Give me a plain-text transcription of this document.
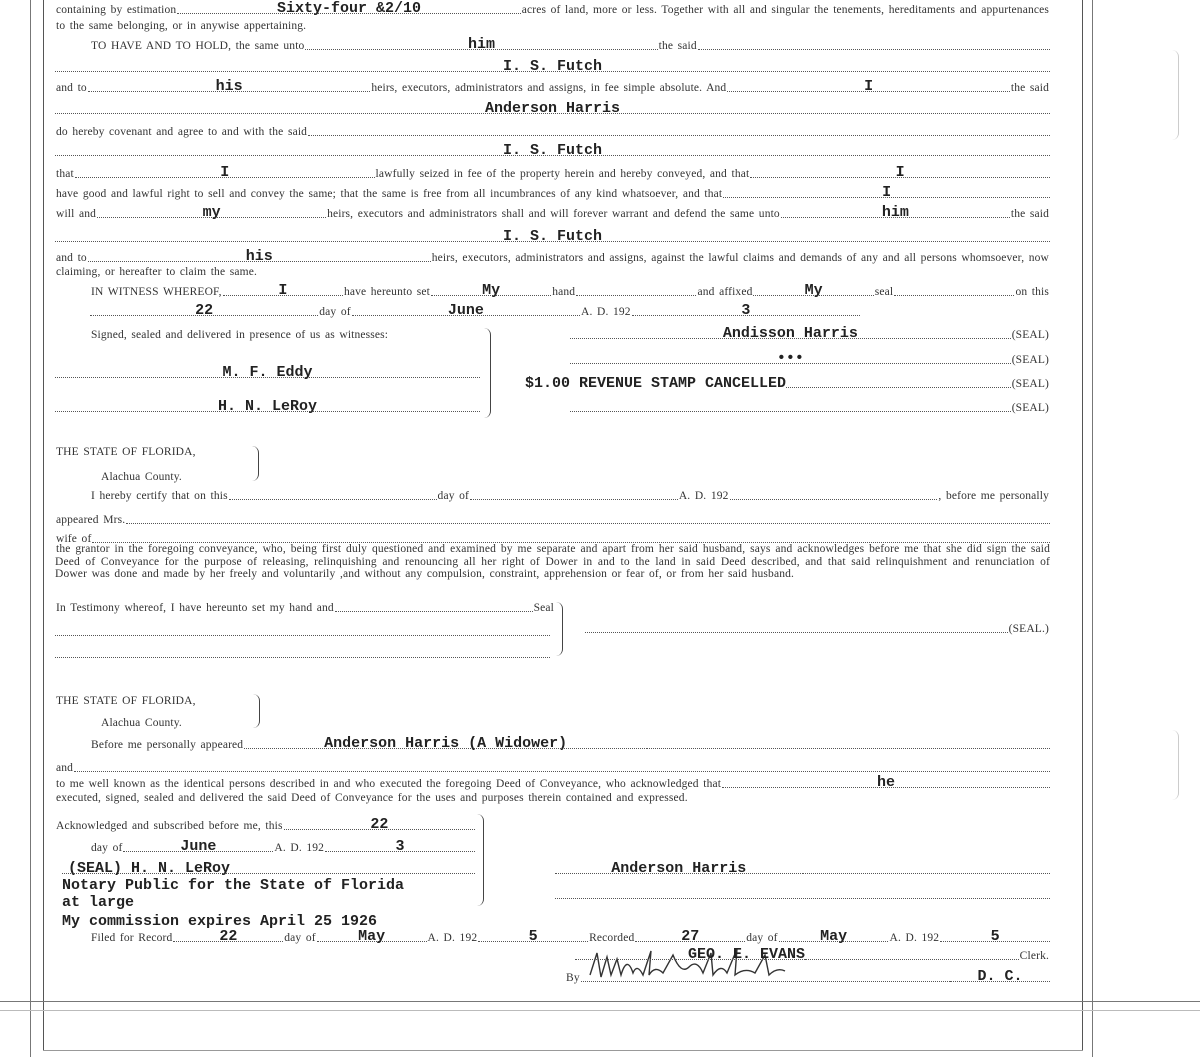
containing by estimation	Sixty-four &2/10	acres of land, more or less. Together with all and singular the tenements, hereditaments and appurtenances
to the same belonging, or in anywise appertaining.
TO HAVE AND TO HOLD, the same unto	him	the said
I. S. Futch
and to	his	heirs, executors, administrators and assigns, in fee simple absolute. And	I	the said
Anderson Harris
do hereby covenant and agree to and with the said
I. S. Futch
that	I	lawfully seized in fee of the property herein and hereby conveyed, and that	I
have good and lawful right to sell and convey the same; that the same is free from all incumbrances of any kind whatsoever, and that	I
will and	my	heirs, executors and administrators shall and will forever warrant and defend the same unto	him	the said
I. S. Futch
and to	his	heirs, executors, administrators and assigns, against the lawful claims and demands of any and all persons whomsoever, now
claiming, or hereafter to claim the same.
IN WITNESS WHEREOF,	I	have hereunto set	My	hand	and affixed	My	seal	on this
22	day of	June	A. D. 192	3
Signed, sealed and delivered in presence of us as witnesses:	Andisson Harris	(SEAL)
•••	(SEAL)
M. F. Eddy
$1.00 REVENUE STAMP CANCELLED	(SEAL)
H. N. LeRoy	(SEAL)
THE STATE OF FLORIDA,
Alachua County.
I hereby certify that on this	day of	A. D. 192	, before me personally
appeared Mrs.
wife of
the grantor in the foregoing conveyance, who, being first duly questioned and examined by me separate and apart from her said husband, says and acknowledges before me that she did sign the said Deed of Conveyance for the purpose of releasing, relinquishing and renouncing all her right of Dower in and to the land in said Deed described, and that said relinquishment and renunciation of Dower was done and made by her freely and voluntarily ,and without any compulsion, constraint, apprehension or fear of, or from her said husband.
In Testimony whereof, I have hereunto set my hand and	Seal
(SEAL.)
THE STATE OF FLORIDA,
Alachua County.
Before me personally appeared	Anderson Harris (A Widower)
and
to me well known as the identical persons described in and who executed the foregoing Deed of Conveyance, who acknowledged that	he
executed, signed, sealed and delivered the said Deed of Conveyance for the uses and purposes therein contained and expressed.
Acknowledged and subscribed before me, this	22
day of	June	A. D. 192	3
(SEAL) H. N. LeRoy
Notary Public for the State of Florida
at large
My commission expires April 25 1926
Anderson Harris
Filed for Record	22	day of	May	A. D. 192	5	Recorded	27	day of	May	A. D. 192	5
GEO. E. EVANS	Clerk.
By	D. C.
